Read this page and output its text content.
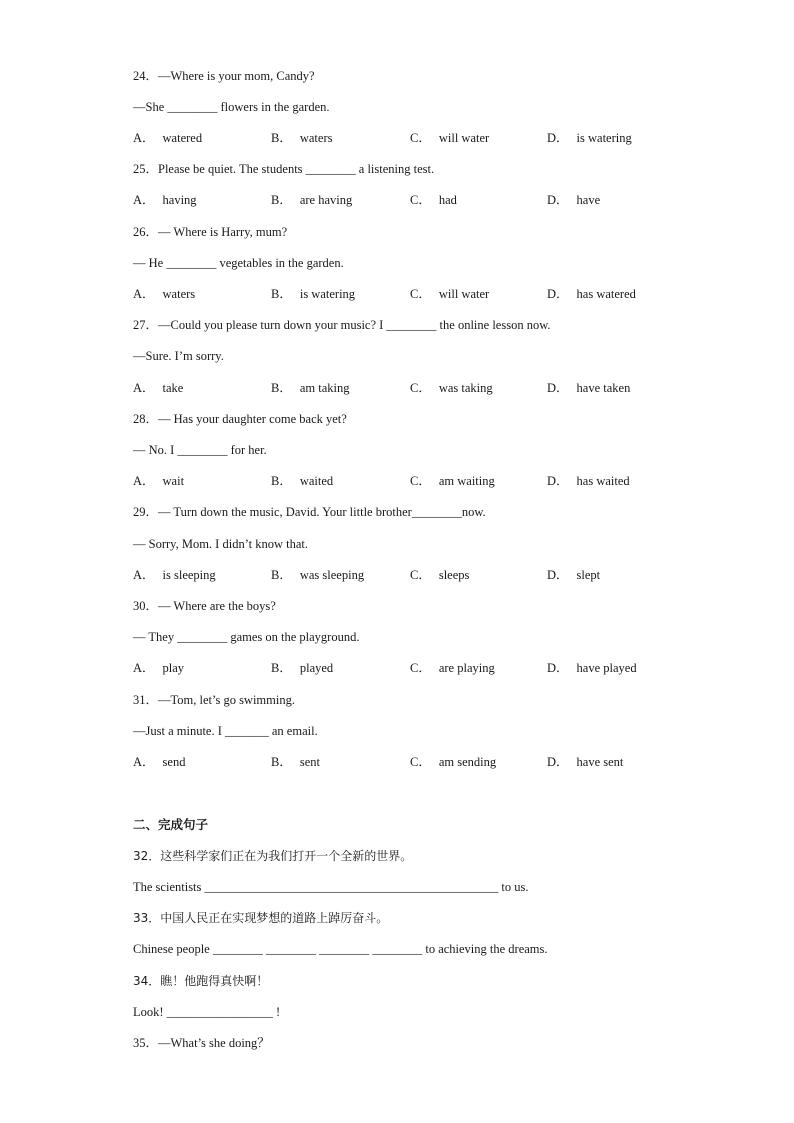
24．—Where is your mom, Candy?
—She ________ flowers in the garden.
A． watered	B． waters	C． will water	D． is watering
25．Please be quiet. The students ________ a listening test.
A． having	B． are having	C． had	D． have
26．— Where is Harry, mum?
— He ________ vegetables in the garden.
A． waters	B． is watering	C． will water	D． has watered
27．—Could you please turn down your music? I ________ the online lesson now.
—Sure. I’m sorry.
A． take	B． am taking	C． was taking	D． have taken
28．— Has your daughter come back yet?
— No. I ________ for her.
A． wait	B． waited	C． am waiting	D． has waited
29．— Turn down the music, David. Your little brother________now.
— Sorry, Mom. I didn’t know that.
A． is sleeping	B． was sleeping	C． sleeps	D． slept
30．— Where are the boys?
— They ________ games on the playground.
A． play	B． played	C． are playing	D． have played
31．—Tom, let’s go swimming.
—Just a minute. I _______ an email.
A． send	B． sent	C． am sending	D． have sent
二、完成句子
32．这些科学家们正在为我们打开一个全新的世界。
The scientists _______________________________________________ to us.
33．中国人民正在实现梦想的道路上踔厉奋斗。
Chinese people ________ ________ ________ ________ to achieving the dreams.
34．瞧！他跑得真快啊！
Look! _________________ !
35．—What’s she doing？
